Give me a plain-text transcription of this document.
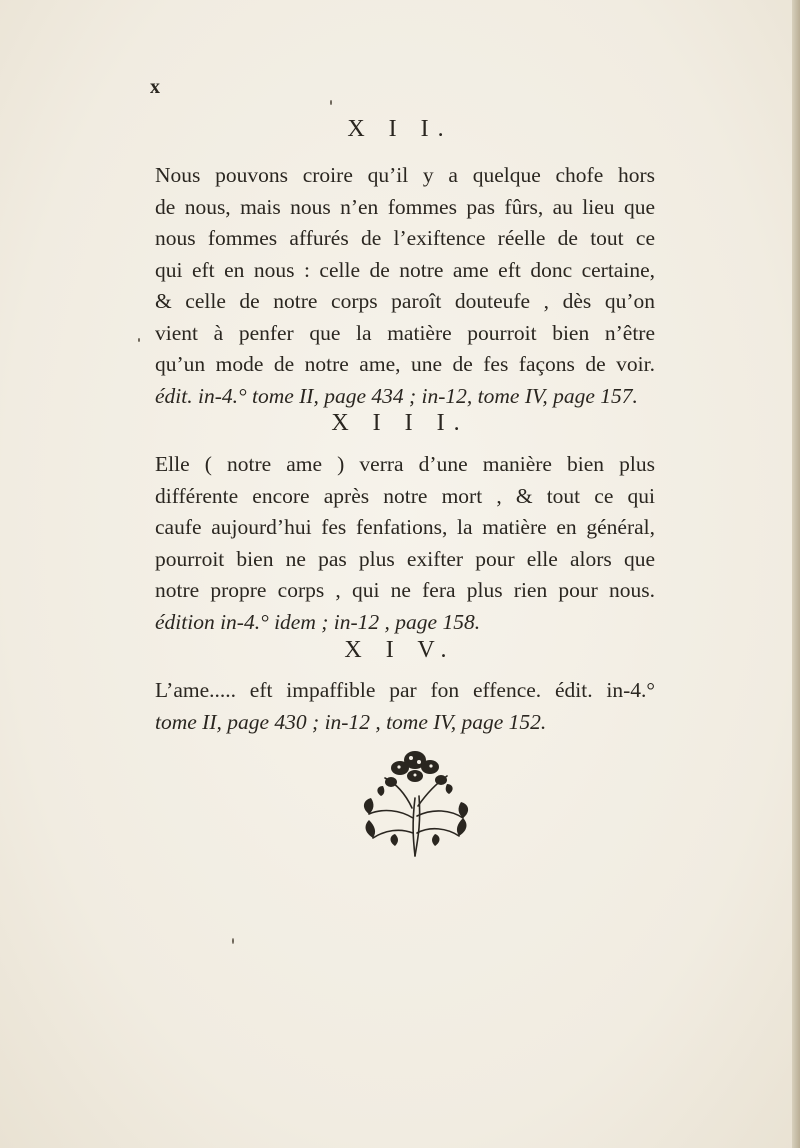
x
X I I.
Nous pouvons croire qu’il y a quelque chofe hors
de nous, mais nous n’en fommes pas fûrs, au lieu que
nous fommes affurés de l’exiftence réelle de tout ce
qui eft en nous : celle de notre ame eft donc certaine,
& celle de notre corps paroît douteufe , dès qu’on
vient à penfer que la matière pourroit bien n’être
qu’un mode de notre ame, une de fes façons de voir.
édit. in-4.° tome II, page 434 ; in-12, tome IV, page 157.
X I I I.
Elle ( notre ame ) verra d’une manière bien plus
différente encore après notre mort , & tout ce qui
caufe aujourd’hui fes fenfations, la matière en général,
pourroit bien ne pas plus exifter pour elle alors que
notre propre corps , qui ne fera plus rien pour nous.
édition in-4.° idem ; in-12 , page 158.
X I V.
L’ame..... eft impaffible par fon effence. édit. in-4.°
tome II, page 430 ; in-12 , tome IV, page 152.
